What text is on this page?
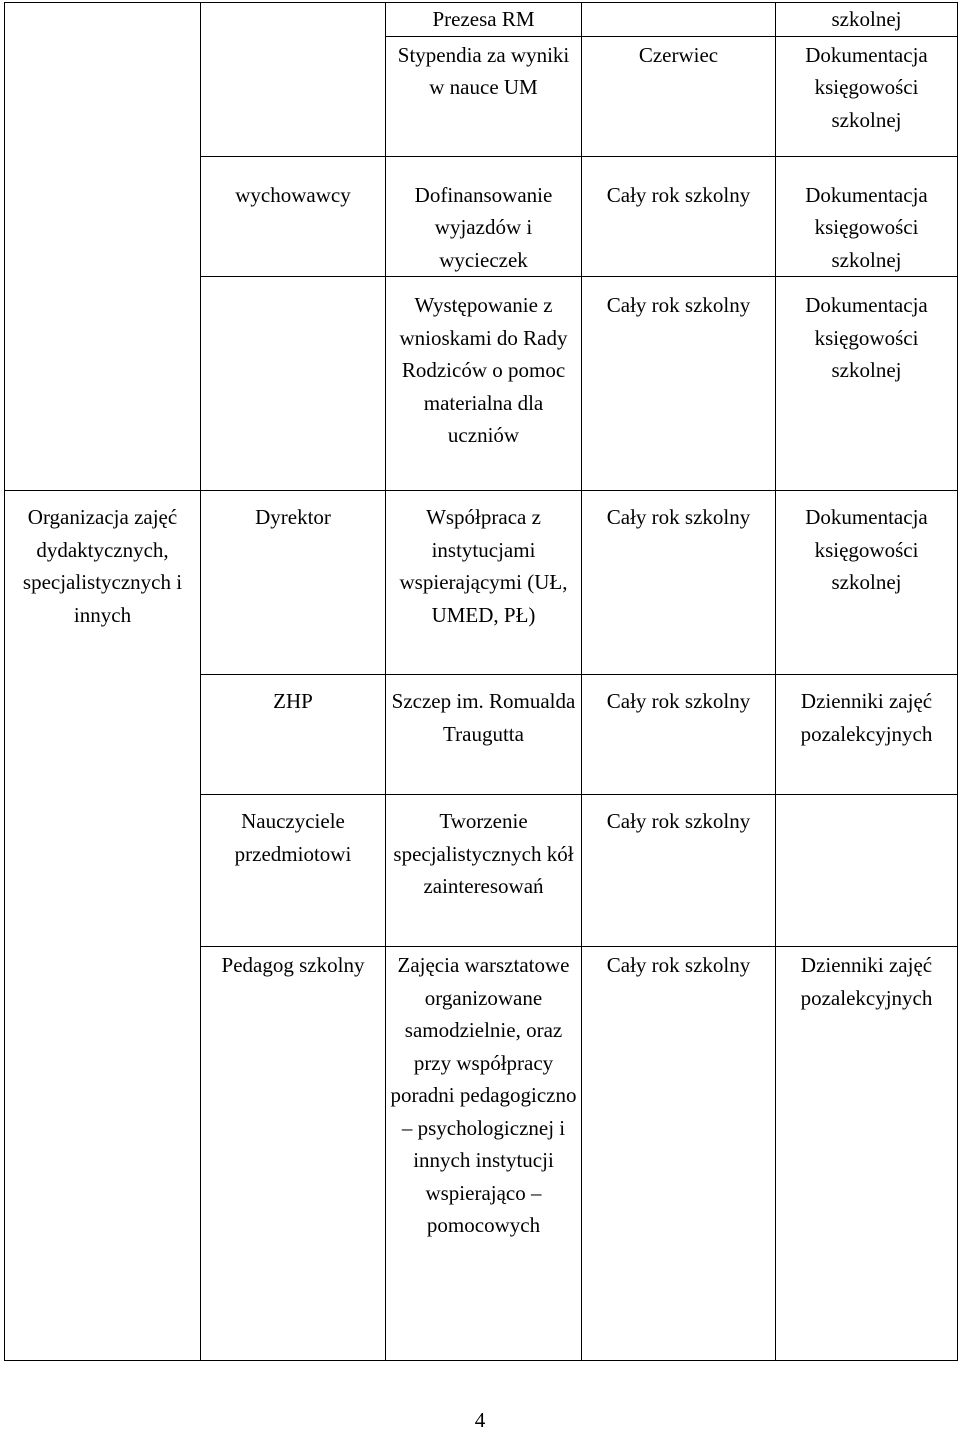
		Prezesa RM		szkolnej
		Stypendia za wyniki w nauce UM	Czerwiec	Dokumentacja księgowości szkolnej
	wychowawcy	Dofinansowanie wyjazdów i wycieczek	Cały rok szkolny	Dokumentacja księgowości szkolnej
		Występowanie z wnioskami do Rady Rodziców o pomoc materialna dla uczniów	Cały rok szkolny	Dokumentacja księgowości szkolnej
Organizacja zajęć dydaktycznych, specjalistycznych i innych	Dyrektor	Współpraca z instytucjami wspierającymi (UŁ, UMED, PŁ)	Cały rok szkolny	Dokumentacja księgowości szkolnej
	ZHP	Szczep im. Romualda Traugutta	Cały rok szkolny	Dzienniki zajęć pozalekcyjnych
	Nauczyciele przedmiotowi	Tworzenie specjalistycznych kół zainteresowań	Cały rok szkolny	
	Pedagog szkolny	Zajęcia warsztatowe organizowane samodzielnie, oraz przy współpracy poradni pedagogiczno – psychologicznej i innych instytucji wspierająco – pomocowych	Cały rok szkolny	Dzienniki zajęć pozalekcyjnych
4
